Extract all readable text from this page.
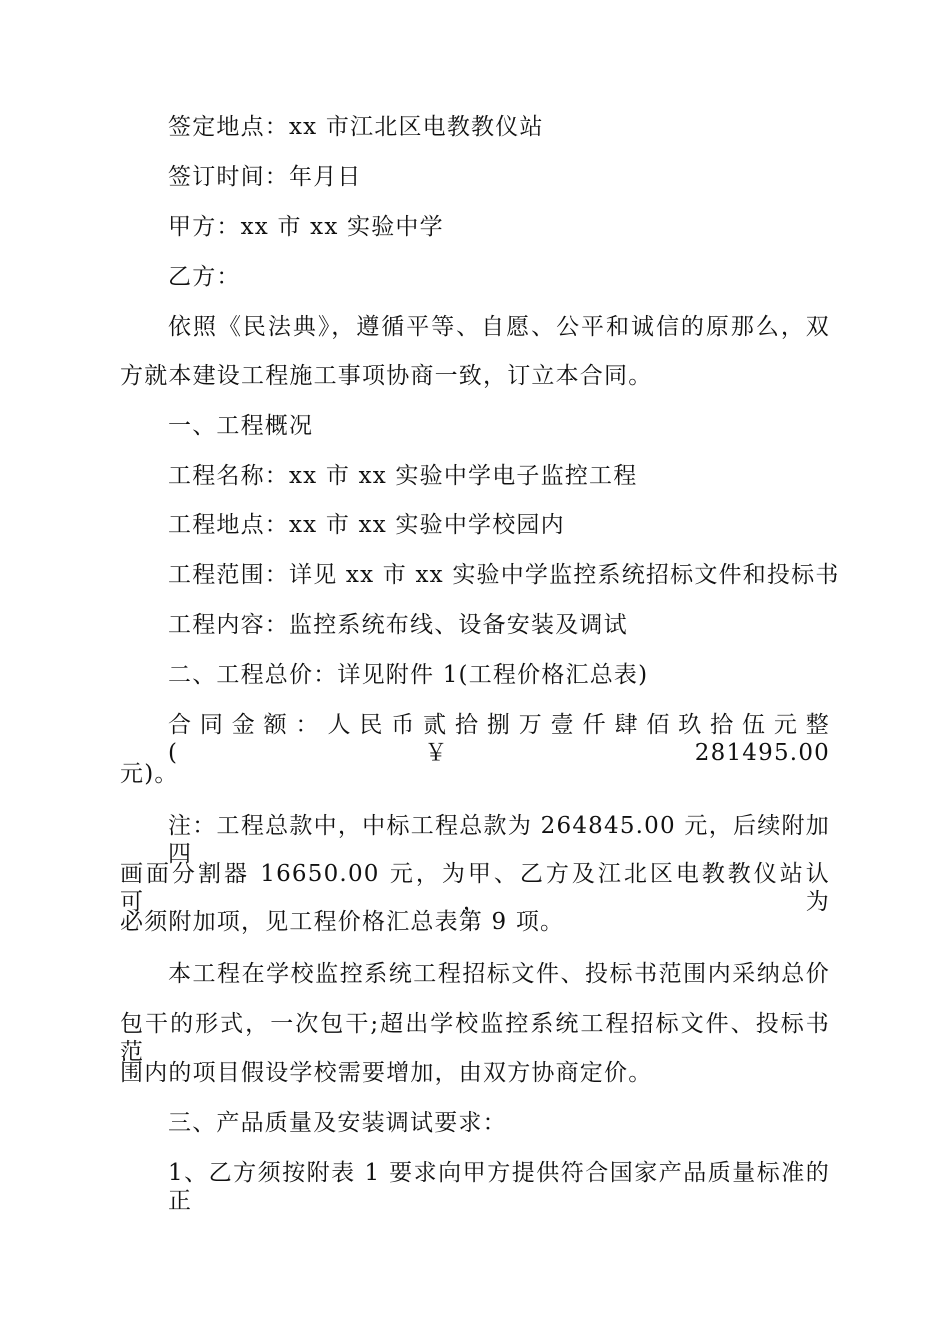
签定地点：xx 市江北区电教教仪站
签订时间：年月日
甲方：xx 市 xx 实验中学
乙方：
依照《民法典》，遵循平等、自愿、公平和诚信的原那么，双
方就本建设工程施工事项协商一致，订立本合同。
一、工程概况
工程名称：xx 市 xx 实验中学电子监控工程
工程地点：xx 市 xx 实验中学校园内
工程范围：详见 xx 市 xx 实验中学监控系统招标文件和投标书
工程内容：监控系统布线、设备安装及调试
二、工程总价：详见附件 1(工程价格汇总表)
合同金额：人民币贰拾捌万壹仟肆佰玖拾伍元整(￥281495.00
元)。
注：工程总款中，中标工程总款为 264845.00 元，后续附加四
画面分割器 16650.00 元，为甲、乙方及江北区电教教仪站认可，为
必须附加项，见工程价格汇总表第 9 项。
本工程在学校监控系统工程招标文件、投标书范围内采纳总价
包干的形式，一次包干;超出学校监控系统工程招标文件、投标书范
围内的项目假设学校需要增加，由双方协商定价。
三、产品质量及安装调试要求：
1、乙方须按附表 1 要求向甲方提供符合国家产品质量标准的正
